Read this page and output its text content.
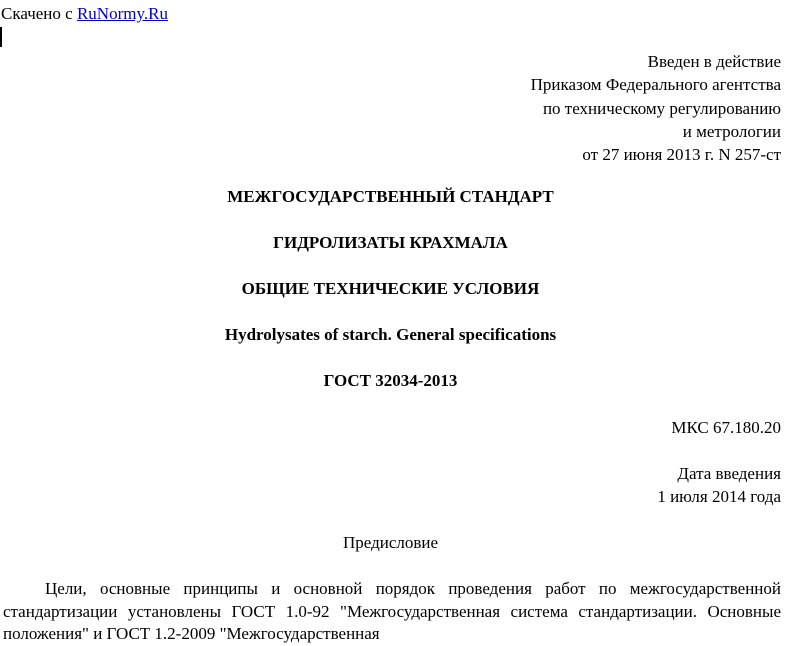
Скачено с RuNormy.Ru
Введен в действие
Приказом Федерального агентства
по техническому регулированию
и метрологии
от 27 июня 2013 г. N 257-ст
МЕЖГОСУДАРСТВЕННЫЙ СТАНДАРТ
ГИДРОЛИЗАТЫ КРАХМАЛА
ОБЩИЕ ТЕХНИЧЕСКИЕ УСЛОВИЯ
Hydrolysates of starch. General specifications
ГОСТ 32034-2013
МКС 67.180.20
Дата введения
1 июля 2014 года
Предисловие
Цели, основные принципы и основной порядок проведения работ по межгосударственной стандартизации установлены ГОСТ 1.0-92 "Межгосударственная система стандартизации. Основные положения" и ГОСТ 1.2-2009 "Межгосударственная
